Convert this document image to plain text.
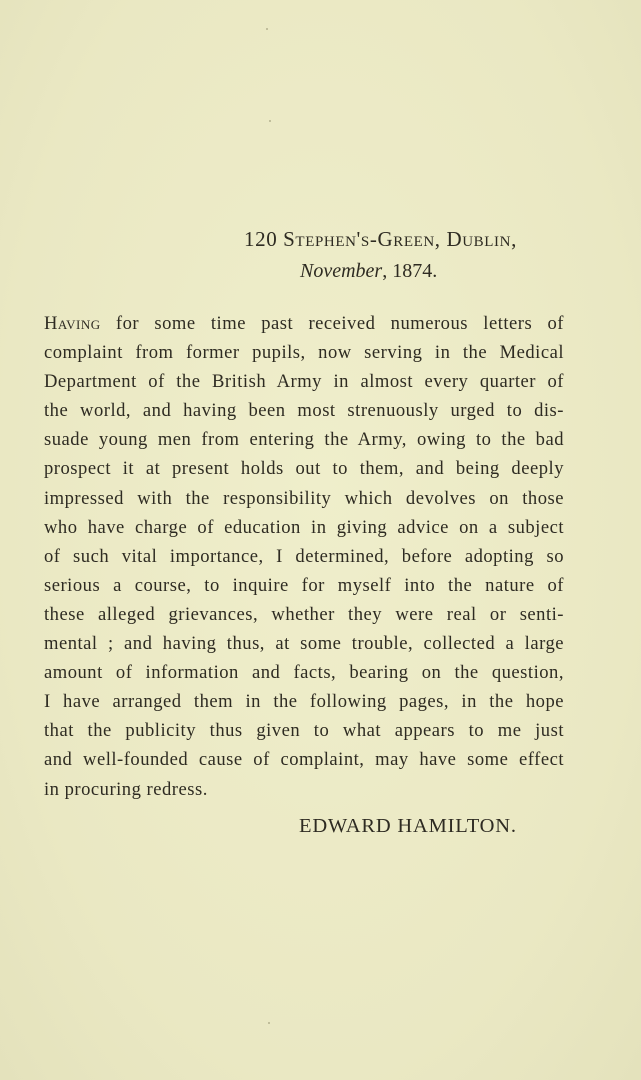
120 Stephen's-Green, Dublin,
November, 1874.
Having for some time past received numerous letters of
complaint from former pupils, now serving in the Medical
Department of the British Army in almost every quarter of
the world, and having been most strenuously urged to dis-
suade young men from entering the Army, owing to the bad
prospect it at present holds out to them, and being deeply
impressed with the responsibility which devolves on those
who have charge of education in giving advice on a subject
of such vital importance, I determined, before adopting so
serious a course, to inquire for myself into the nature of
these alleged grievances, whether they were real or senti-
mental ; and having thus, at some trouble, collected a large
amount of information and facts, bearing on the question,
I have arranged them in the following pages, in the hope
that the publicity thus given to what appears to me just
and well-founded cause of complaint, may have some effect
in procuring redress.
EDWARD HAMILTON.
